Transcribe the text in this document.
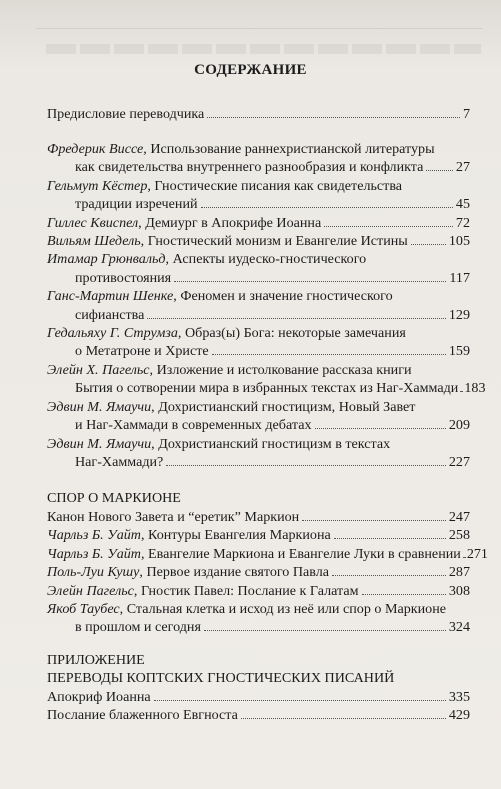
СОДЕРЖАНИЕ
Предисловие переводчика	7
Фредерик Виссе, Использование раннехристианской литературы
как свидетельства внутреннего разнообразия и конфликта 27
Гельмут Кёстер, Гностические писания как свидетельства
традиции изречений	45
Гиллес Квиспел, Демиург в Апокрифе Иоанна	72
Вильям Шедель, Гностический монизм и Евангелие Истины	105
Итамар Грюнвальд, Аспекты иудеско-гностического
противостояния	117
Ганс-Мартин Шенке, Феномен и значение гностического
сифианства	129
Гедальяху Г. Струмза, Образ(ы) Бога: некоторые замечания
о Метатроне и Христе	159
Элейн Х. Пагельс, Изложение и истолкование рассказа книги
Бытия о сотворении мира в избранных текстах из Наг-Хаммади 183
Эдвин М. Ямаучи, Дохристианский гностицизм, Новый Завет
и Наг-Хаммади в современных дебатах	209
Эдвин М. Ямаучи, Дохристианский гностицизм в текстах
Наг-Хаммади?	227
СПОР О МАРКИОНЕ
Канон Нового Завета и “еретик” Маркион	247
Чарльз Б. Уайт, Контуры Евангелия Маркиона	258
Чарльз Б. Уайт, Евангелие Маркиона и Евангелие Луки в сравнении 271
Поль-Луи Кушу, Первое издание святого Павла	287
Элейн Пагельс, Гностик Павел: Послание к Галатам	308
Якоб Таубес, Стальная клетка и исход из неё или спор о Маркионе
в прошлом и сегодня	324
ПРИЛОЖЕНИЕ
ПЕРЕВОДЫ КОПТСКИХ ГНОСТИЧЕСКИХ ПИСАНИЙ
Апокриф Иоанна	335
Послание блаженного Евгноста	429
